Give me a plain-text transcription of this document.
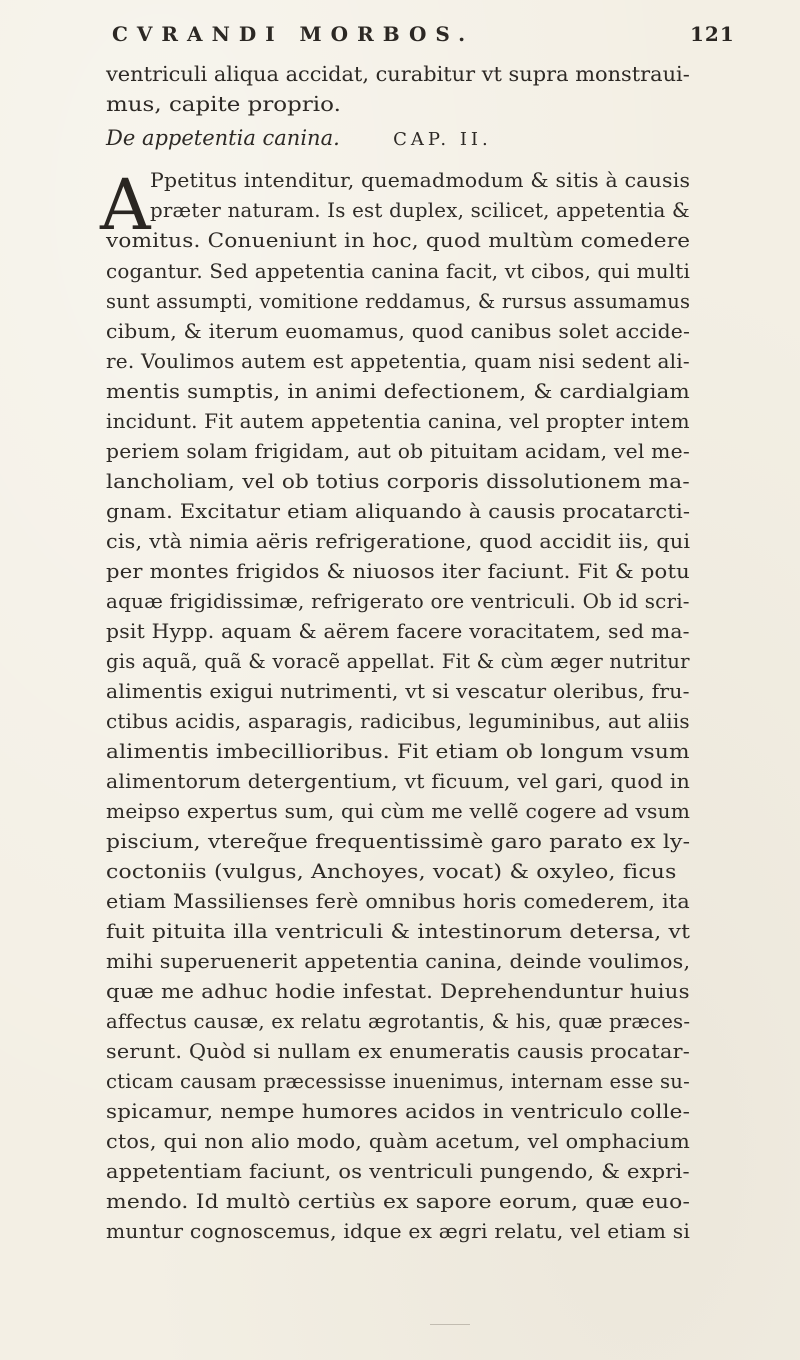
CVRANDI MORBOS.	121
ventriculi aliqua accidat, curabitur vt supra monstraui-
mus, capite proprio.
De appetentia canina.	CAP. II.
A Ppetitus intenditur, quemadmodum & sitis à causis
præter naturam. Is est duplex, scilicet, appetentia &
vomitus. Conueniunt in hoc, quod multùm comedere
cogantur. Sed appetentia canina facit, vt cibos, qui multi
sunt assumpti, vomitione reddamus, & rursus assumamus
cibum, & iterum euomamus, quod canibus solet accide-
re. Voulimos autem est appetentia, quam nisi sedent ali-
mentis sumptis, in animi defectionem, & cardialgiam
incidunt. Fit autem appetentia canina, vel propter intem
periem solam frigidam, aut ob pituitam acidam, vel me-
lancholiam, vel ob totius corporis dissolutionem ma-
gnam. Excitatur etiam aliquando à causis procatarcti-
cis, vtà nimia aëris refrigeratione, quod accidit iis, qui
per montes frigidos & niuosos iter faciunt. Fit & potu
aquæ frigidissimæ, refrigerato ore ventriculi. Ob id scri-
psit Hypp. aquam & aërem facere voracitatem, sed ma-
gis aquã, quã & voracẽ appellat. Fit & cùm æger nutritur
alimentis exigui nutrimenti, vt si vescatur oleribus, fru-
ctibus acidis, asparagis, radicibus, leguminibus, aut aliis
alimentis imbecillioribus. Fit etiam ob longum vsum
alimentorum detergentium, vt ficuum, vel gari, quod in
meipso expertus sum, qui cùm me vellẽ cogere ad vsum
piscium, vtereq̃ue frequentissimè garo parato ex ly-
coctoniis (vulgus, Anchoyes, vocat) & oxyleo, ficus
etiam Massilienses ferè omnibus horis comederem, ita
fuit pituita illa ventriculi & intestinorum detersa, vt
mihi superuenerit appetentia canina, deinde voulimos,
quæ me adhuc hodie infestat. Deprehenduntur huius
affectus causæ, ex relatu ægrotantis, & his, quæ præces-
serunt. Quòd si nullam ex enumeratis causis procatar-
cticam causam præcessisse inuenimus, internam esse su-
spicamur, nempe humores acidos in ventriculo colle-
ctos, qui non alio modo, quàm acetum, vel omphacium
appetentiam faciunt, os ventriculi pungendo, & expri-
mendo. Id multò certiùs ex sapore eorum, quæ euo-
muntur cognoscemus, idque ex ægri relatu, vel etiam si
